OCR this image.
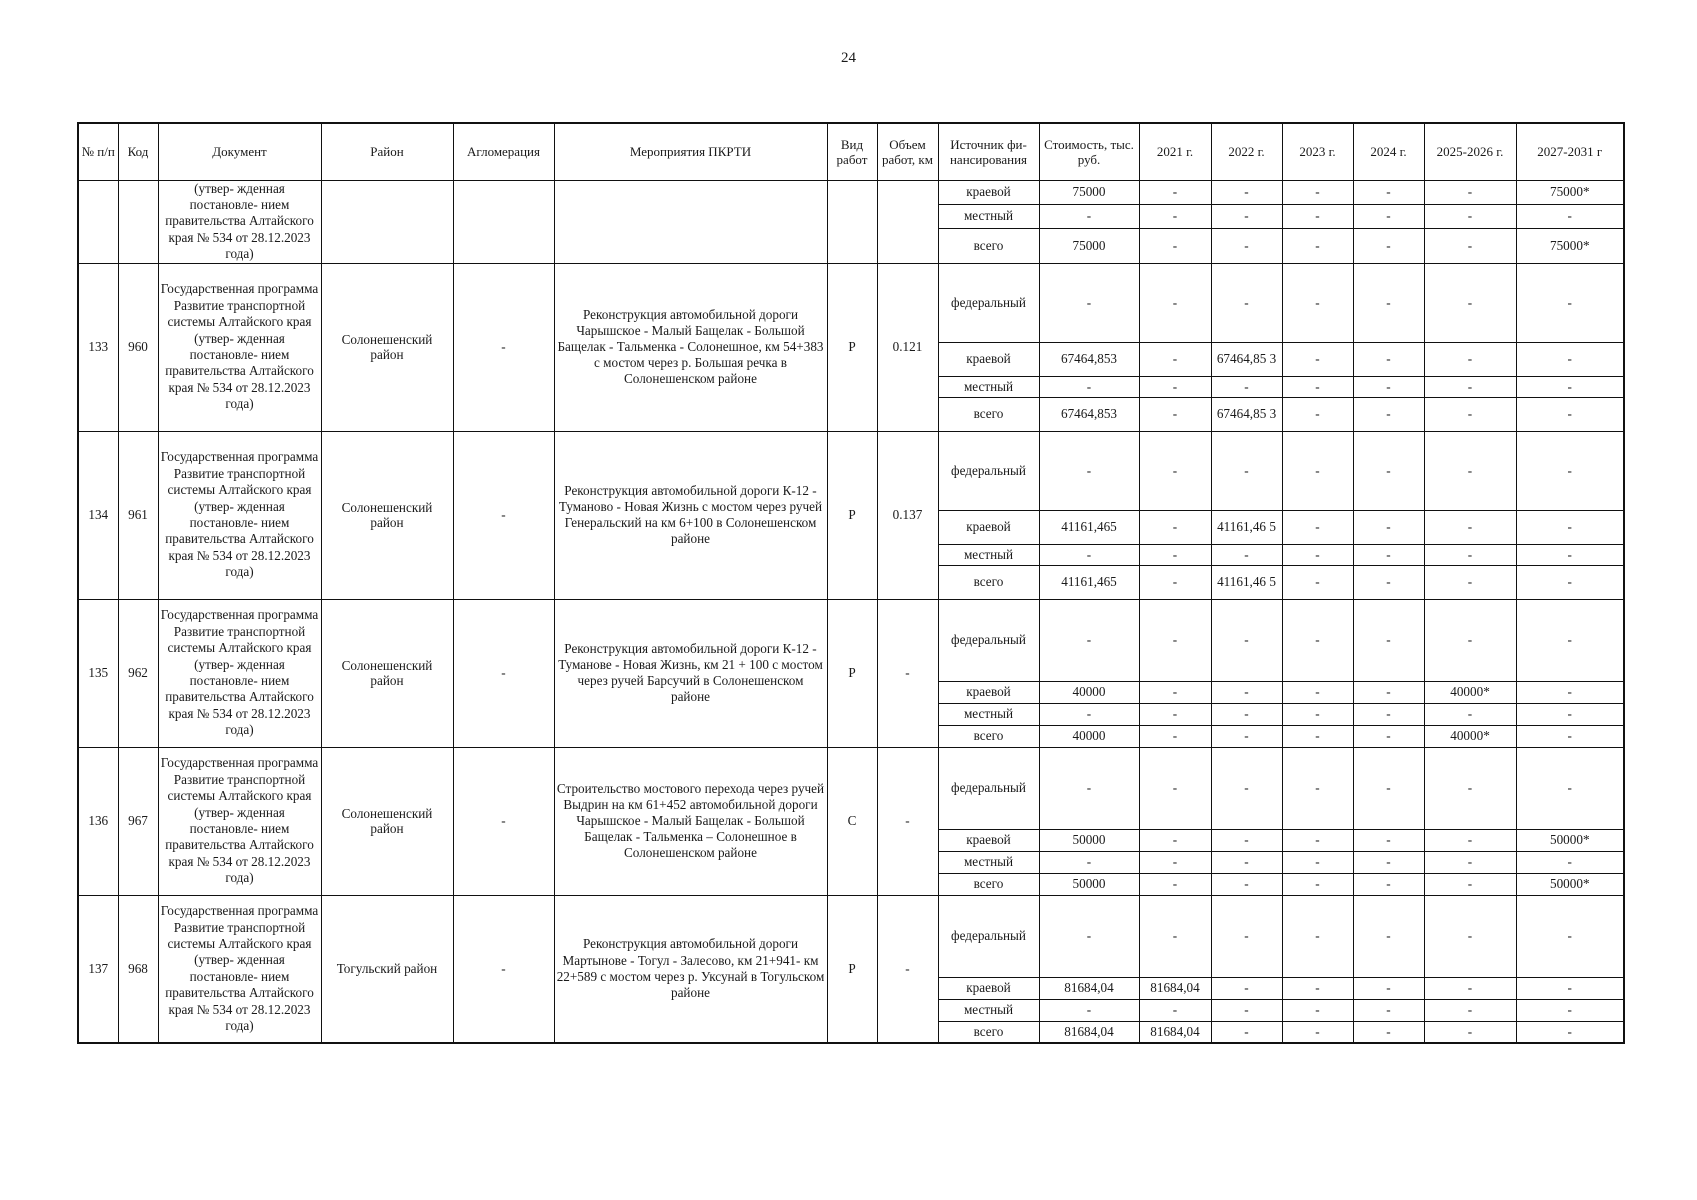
24
№ п/п	Код	Документ	Район	Агломерация	Мероприятия ПКРТИ	Вид работ	Объем работ, км	Источник фи- нансирования	Стоимость, тыс. руб.	2021 г.	2022 г.	2023 г.	2024 г.	2025-2026 г.	2027-2031 г
		(утвер- жденная постановле- нием правительства Алтайского края № 534 от 28.12.2023 года)						краевой	75000	-	-	-	-	-	75000*
								местный	-	-	-	-	-	-	-
								всего	75000	-	-	-	-	-	75000*
133	960	Государственная программа Развитие транспортной системы Алтайского края (утвер- жденная постановле- нием правительства Алтайского края № 534 от 28.12.2023 года)	Солонешенский район	-	Реконструкция автомобильной дороги Чарышское - Малый Бащелак - Большой Бащелак - Тальменка - Солонешное, км 54+383 с мостом через р. Большая речка в Солонешенском районе	Р	0.121	федеральный	-	-	-	-	-	-	-
								краевой	67464,853	-	67464,85 3	-	-	-	-
								местный	-	-	-	-	-	-	-
								всего	67464,853	-	67464,85 3	-	-	-	-
134	961	Государственная программа Развитие транспортной системы Алтайского края (утвер- жденная постановле- нием правительства Алтайского края № 534 от 28.12.2023 года)	Солонешенский район	-	Реконструкция автомобильной дороги К-12 - Туманово - Новая Жизнь с мостом через ручей Генеральский на км 6+100 в Солонешенском районе	Р	0.137	федеральный	-	-	-	-	-	-	-
								краевой	41161,465	-	41161,46 5	-	-	-	-
								местный	-	-	-	-	-	-	-
								всего	41161,465	-	41161,46 5	-	-	-	-
135	962	Государственная программа Развитие транспортной системы Алтайского края (утвер- жденная постановле- нием правительства Алтайского края № 534 от 28.12.2023 года)	Солонешенский район	-	Реконструкция автомобильной дороги К-12 - Туманове - Новая Жизнь, км 21 + 100 с мостом через ручей Барсучий в Солонешенском районе	Р	-	федеральный	-	-	-	-	-	-	-
								краевой	40000	-	-	-	-	40000*	-
								местный	-	-	-	-	-	-	-
								всего	40000	-	-	-	-	40000*	-
136	967	Государственная программа Развитие транспортной системы Алтайского края (утвер- жденная постановле- нием правительства Алтайского края № 534 от 28.12.2023 года)	Солонешенский район	-	Строительство мостового перехода через ручей Выдрин на км 61+452 автомобильной дороги Чарышское - Малый Бащелак - Большой Бащелак - Тальменка – Солонешное в Солонешенском районе	С	-	федеральный	-	-	-	-	-	-	-
								краевой	50000	-	-	-	-	-	50000*
								местный	-	-	-	-	-	-	-
								всего	50000	-	-	-	-	-	50000*
137	968	Государственная программа Развитие транспортной системы Алтайского края (утвер- жденная постановле- нием правительства Алтайского края № 534 от 28.12.2023 года)	Тогульский район	-	Реконструкция автомобильной дороги Мартынове - Тогул - Залесово, км 21+941- км 22+589 с мостом через р. Уксунай в Тогульском районе	Р	-	федеральный	-	-	-	-	-	-	-
								краевой	81684,04	81684,04	-	-	-	-	-
								местный	-	-	-	-	-	-	-
								всего	81684,04	81684,04	-	-	-	-	-
